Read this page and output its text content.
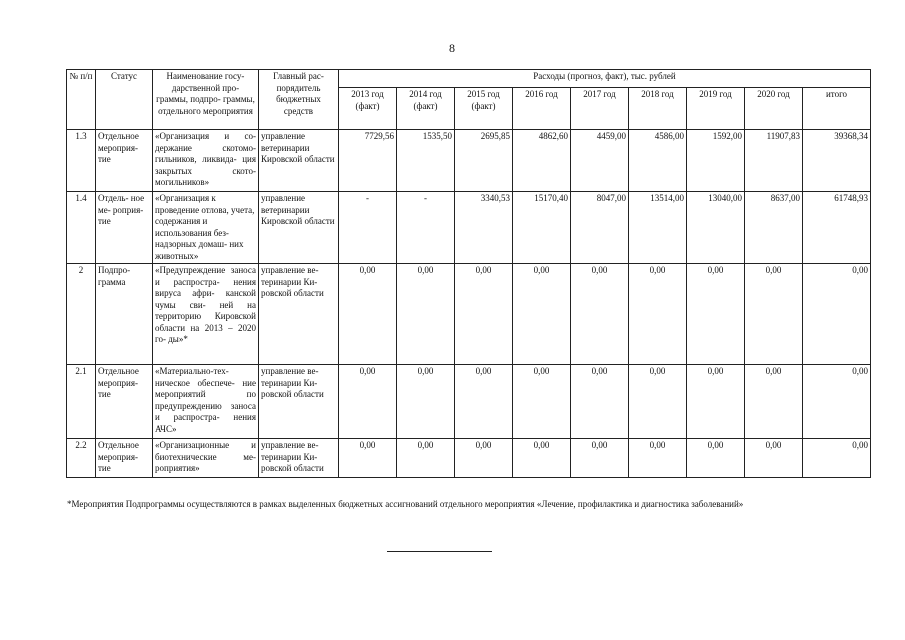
8
№ п/п	Статус	Наименование госу- дарственной про- граммы, подпро- граммы, отдельного мероприятия	Главный рас- порядитель бюджетных средств	Расходы (прогноз, факт), тыс. рублей								
				2013 год (факт)	2014 год (факт)	2015 год (факт)	2016 год	2017 год	2018 год	2019 год	2020 год	итого
1.3	Отдельное мероприя- тие	«Организация и со- держание скотомо- гильников, ликвида- ция закрытых ското- могильников»	управление ветеринарии Кировской области	7729,56	1535,50	2695,85	4862,60	4459,00	4586,00	1592,00	11907,83	39368,34
1.4	Отдель- ное ме- роприя- тие	«Организация к проведение отлова, учета, содержания и использования без- надзорных домаш- них животных»	управление ветеринарии Кировской области	-	-	3340,53	15170,40	8047,00	13514,00	13040,00	8637,00	61748,93
2	Подпро- грамма	«Предупреждение заноса и распростра- нения вируса афри- канской чумы сви- ней на территорию Кировской области на 2013 – 2020 го- ды»*	управление ве- теринарии Ки- ровской области	0,00	0,00	0,00	0,00	0,00	0,00	0,00	0,00	0,00
2.1	Отдельное мероприя- тие	«Материально-тех- ническое обеспече- ние мероприятий по предупреждению заноса и распростра- нения АЧС»	управление ве- теринарии Ки- ровской области	0,00	0,00	0,00	0,00	0,00	0,00	0,00	0,00	0,00
2.2	Отдельное мероприя- тие	«Организационные и биотехнические ме- роприятия»	управление ве- теринарии Ки- ровской области	0,00	0,00	0,00	0,00	0,00	0,00	0,00	0,00	0,00
*Мероприятия Подпрограммы осуществляются в рамках выделенных бюджетных ассигнований отдельного мероприятия «Лечение, профилактика и диагностика заболеваний»
